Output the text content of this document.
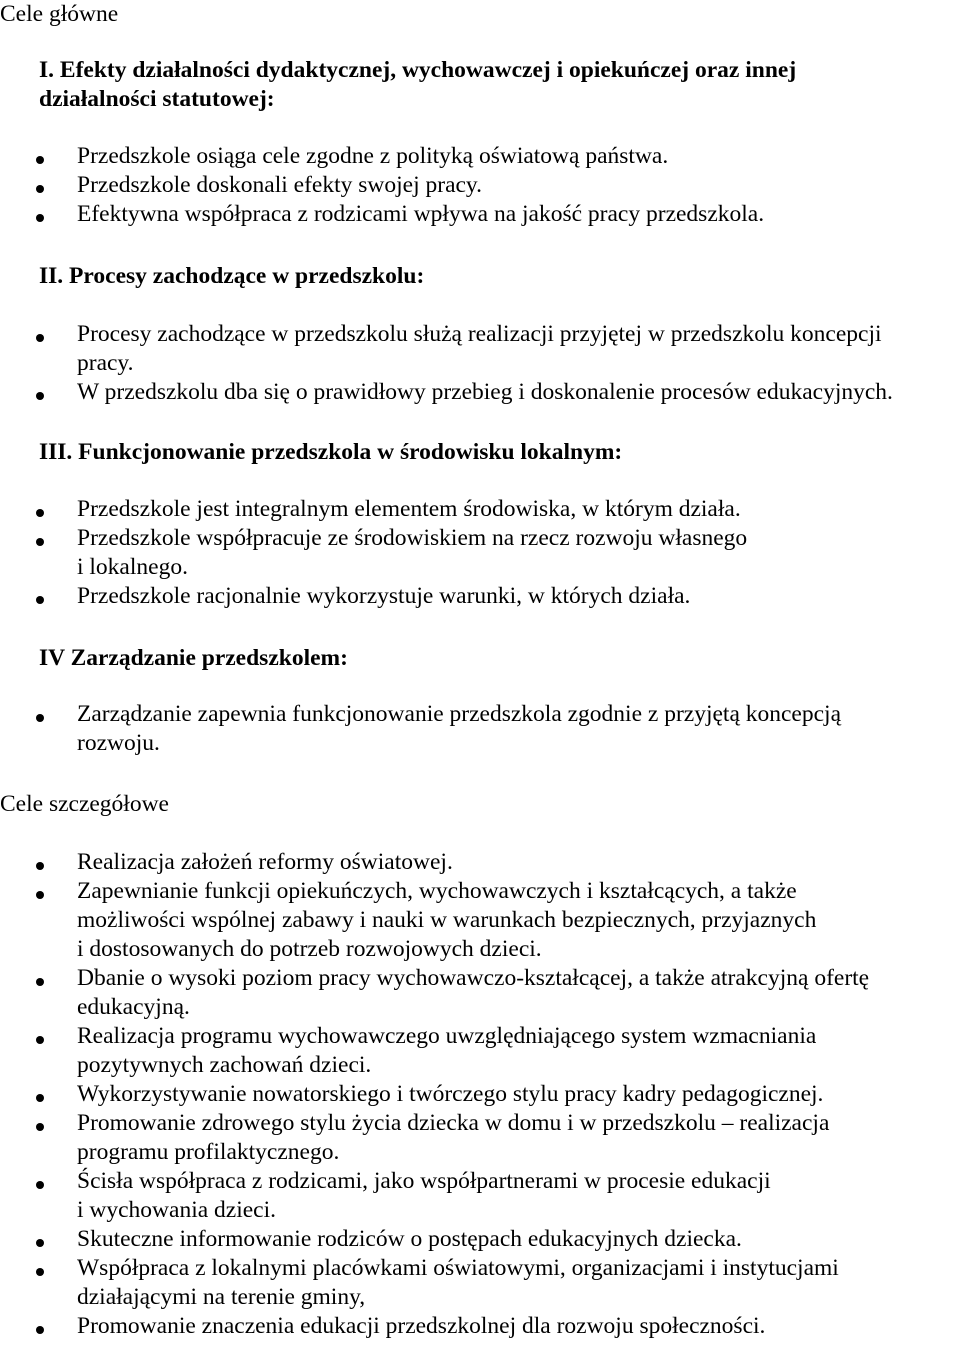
Cele główne
I. Efekty działalności dydaktycznej, wychowawczej i opiekuńczej oraz innej
działalności statutowej:
Przedszkole osiąga cele zgodne z polityką oświatową państwa.
Przedszkole doskonali efekty swojej pracy.
Efektywna współpraca z rodzicami wpływa na jakość pracy przedszkola.
II. Procesy zachodzące w przedszkolu:
Procesy zachodzące w przedszkolu służą realizacji przyjętej w przedszkolu koncepcji
pracy.
W przedszkolu dba się o prawidłowy przebieg i doskonalenie procesów edukacyjnych.
III. Funkcjonowanie przedszkola w środowisku lokalnym:
Przedszkole jest integralnym elementem środowiska, w którym działa.
Przedszkole współpracuje ze środowiskiem na rzecz rozwoju własnego
i lokalnego.
Przedszkole racjonalnie wykorzystuje warunki, w których działa.
IV Zarządzanie przedszkolem:
Zarządzanie zapewnia funkcjonowanie przedszkola zgodnie z przyjętą koncepcją
rozwoju.
Cele szczegółowe
Realizacja założeń reformy oświatowej.
Zapewnianie funkcji opiekuńczych, wychowawczych i kształcących, a także
możliwości wspólnej zabawy i nauki w warunkach bezpiecznych, przyjaznych
i dostosowanych do potrzeb rozwojowych dzieci.
Dbanie o wysoki poziom pracy wychowawczo-kształcącej, a także atrakcyjną ofertę
edukacyjną.
Realizacja programu wychowawczego uwzględniającego system wzmacniania
pozytywnych zachowań dzieci.
Wykorzystywanie nowatorskiego i twórczego stylu pracy kadry pedagogicznej.
Promowanie zdrowego stylu życia dziecka w domu i w przedszkolu – realizacja
programu profilaktycznego.
Ścisła współpraca z rodzicami, jako współpartnerami w procesie edukacji
i wychowania dzieci.
Skuteczne informowanie rodziców o postępach edukacyjnych dziecka.
Współpraca z lokalnymi placówkami oświatowymi, organizacjami i instytucjami
działającymi na terenie gminy,
Promowanie znaczenia edukacji przedszkolnej dla rozwoju społeczności.
